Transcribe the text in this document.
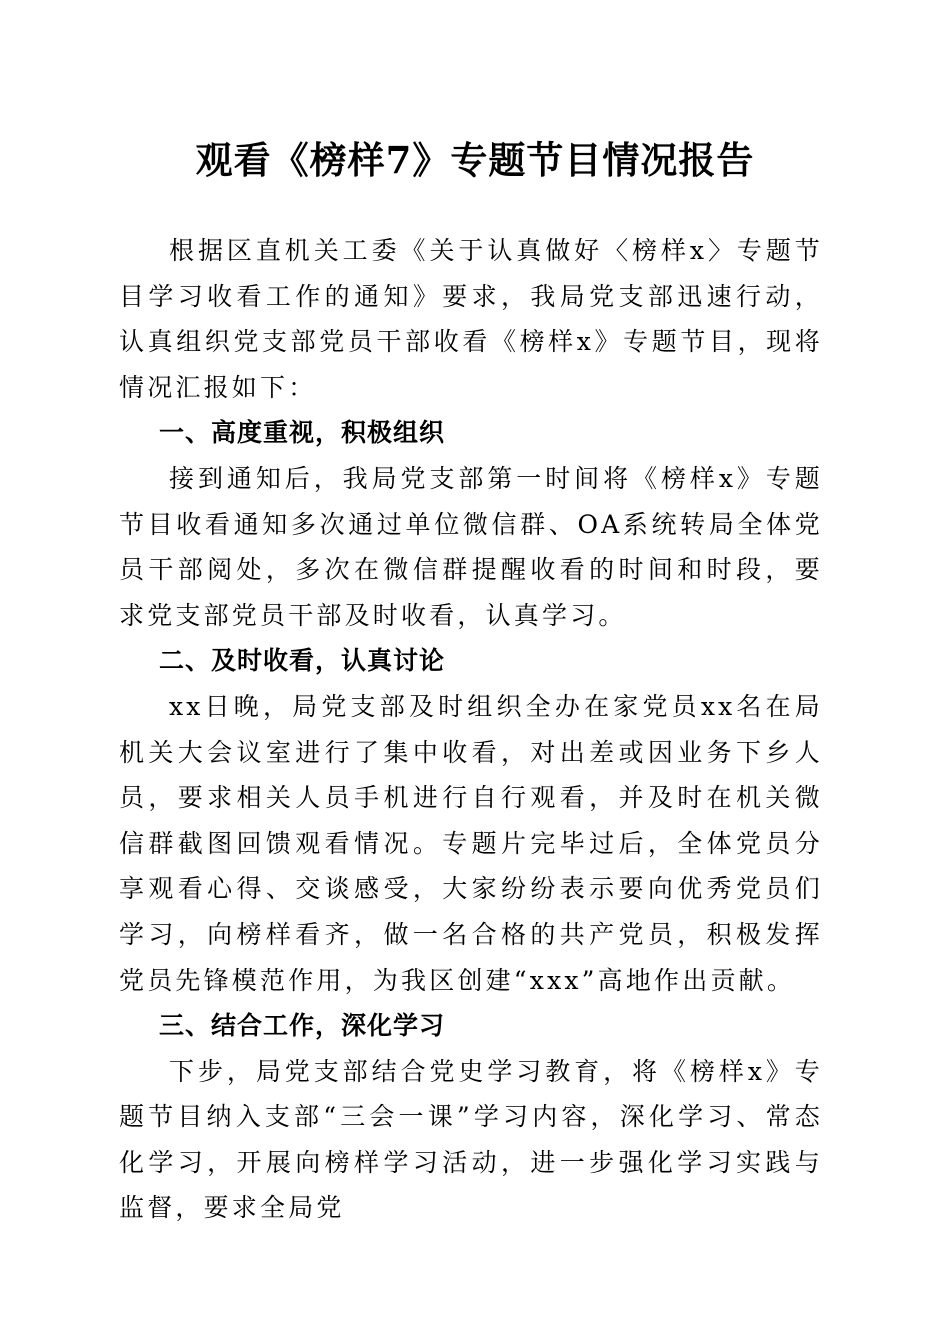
观看《榜样7》专题节目情况报告

根据区直机关工委《关于认真做好〈榜样x〉专题节目学习收看工作的通知》要求，我局党支部迅速行动，认真组织党支部党员干部收看《榜样x》专题节目，现将情况汇报如下：

一、高度重视，积极组织

接到通知后，我局党支部第一时间将《榜样x》专题节目收看通知多次通过单位微信群、OA系统转局全体党员干部阅处，多次在微信群提醒收看的时间和时段，要求党支部党员干部及时收看，认真学习。

二、及时收看，认真讨论

xx日晚，局党支部及时组织全办在家党员xx名在局机关大会议室进行了集中收看，对出差或因业务下乡人员，要求相关人员手机进行自行观看，并及时在机关微信群截图回馈观看情况。专题片完毕过后，全体党员分享观看心得、交谈感受，大家纷纷表示要向优秀党员们学习，向榜样看齐，做一名合格的共产党员，积极发挥党员先锋模范作用，为我区创建“xxx”高地作出贡献。

三、结合工作，深化学习

下步，局党支部结合党史学习教育，将《榜样x》专题节目纳入支部“三会一课”学习内容，深化学习、常态化学习，开展向榜样学习活动，进一步强化学习实践与监督，要求全局党
